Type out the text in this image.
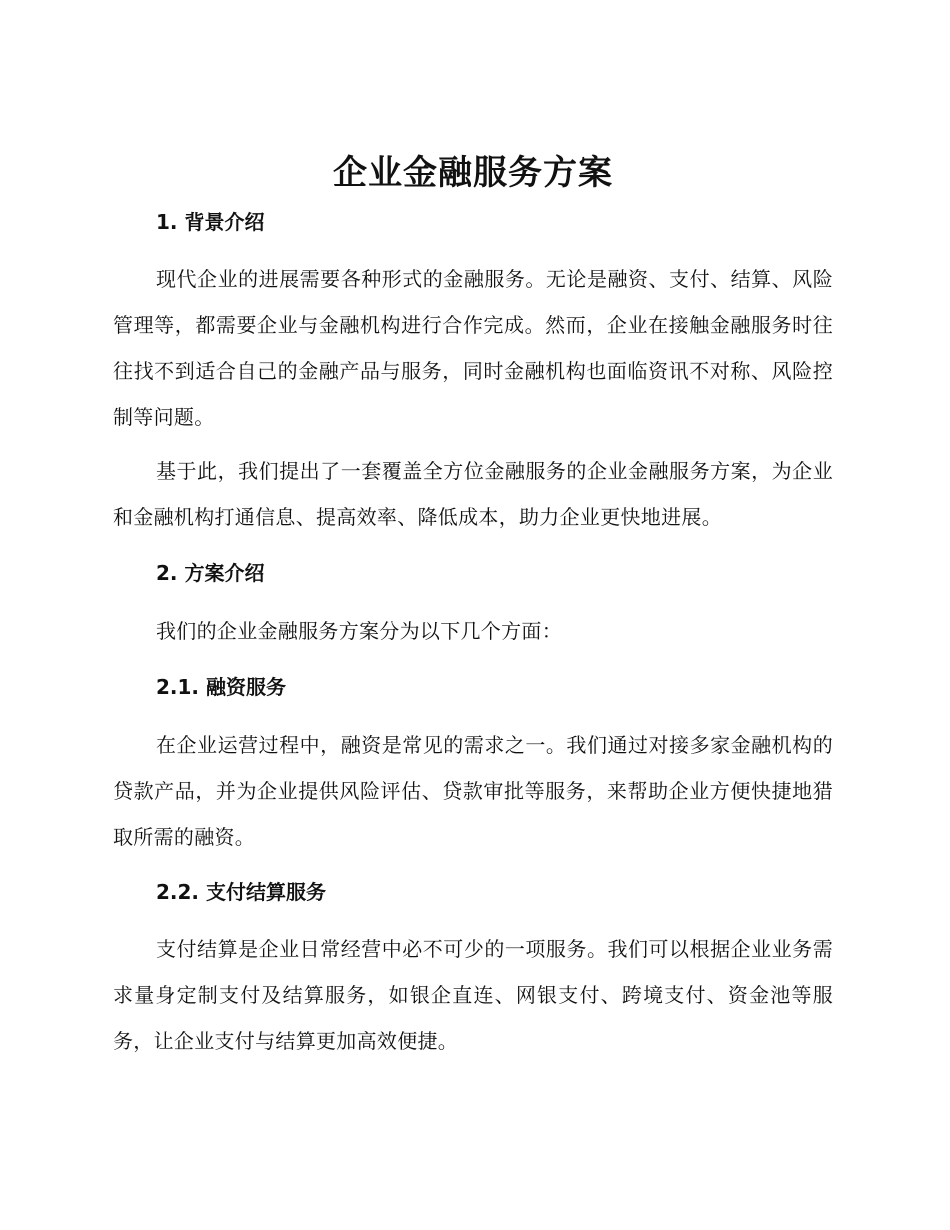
企业金融服务方案
1. 背景介绍

现代企业的进展需要各种形式的金融服务。无论是融资、支付、结算、风险管理等，都需要企业与金融机构进行合作完成。然而，企业在接触金融服务时往往找不到适合自己的金融产品与服务，同时金融机构也面临资讯不对称、风险控制等问题。

基于此，我们提出了一套覆盖全方位金融服务的企业金融服务方案，为企业和金融机构打通信息、提高效率、降低成本，助力企业更快地进展。

2. 方案介绍

我们的企业金融服务方案分为以下几个方面：

2.1. 融资服务

在企业运营过程中，融资是常见的需求之一。我们通过对接多家金融机构的贷款产品，并为企业提供风险评估、贷款审批等服务，来帮助企业方便快捷地猎取所需的融资。

2.2. 支付结算服务

支付结算是企业日常经营中必不可少的一项服务。我们可以根据企业业务需求量身定制支付及结算服务，如银企直连、网银支付、跨境支付、资金池等服务，让企业支付与结算更加高效便捷。
